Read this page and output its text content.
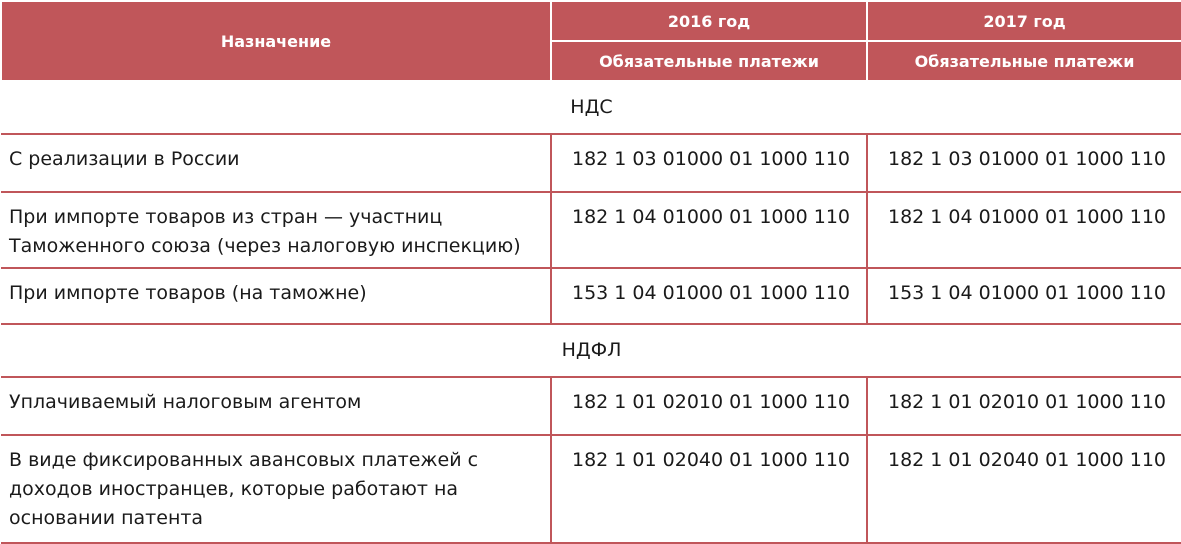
Назначение	2016 год	2017 год
	Обязательные платежи	Обязательные платежи
НДС		
С реализации в России	182 1 03 01000 01 1000 110	182 1 03 01000 01 1000 110
При импорте товаров из стран — участниц Таможенного союза (через налоговую инспекцию)	182 1 04 01000 01 1000 110	182 1 04 01000 01 1000 110
При импорте товаров (на таможне)	153 1 04 01000 01 1000 110	153 1 04 01000 01 1000 110
НДФЛ		
Уплачиваемый налоговым агентом	182 1 01 02010 01 1000 110	182 1 01 02010 01 1000 110
В виде фиксированных авансовых платежей с доходов иностранцев, которые работают на основании патента	182 1 01 02040 01 1000 110	182 1 01 02040 01 1000 110
